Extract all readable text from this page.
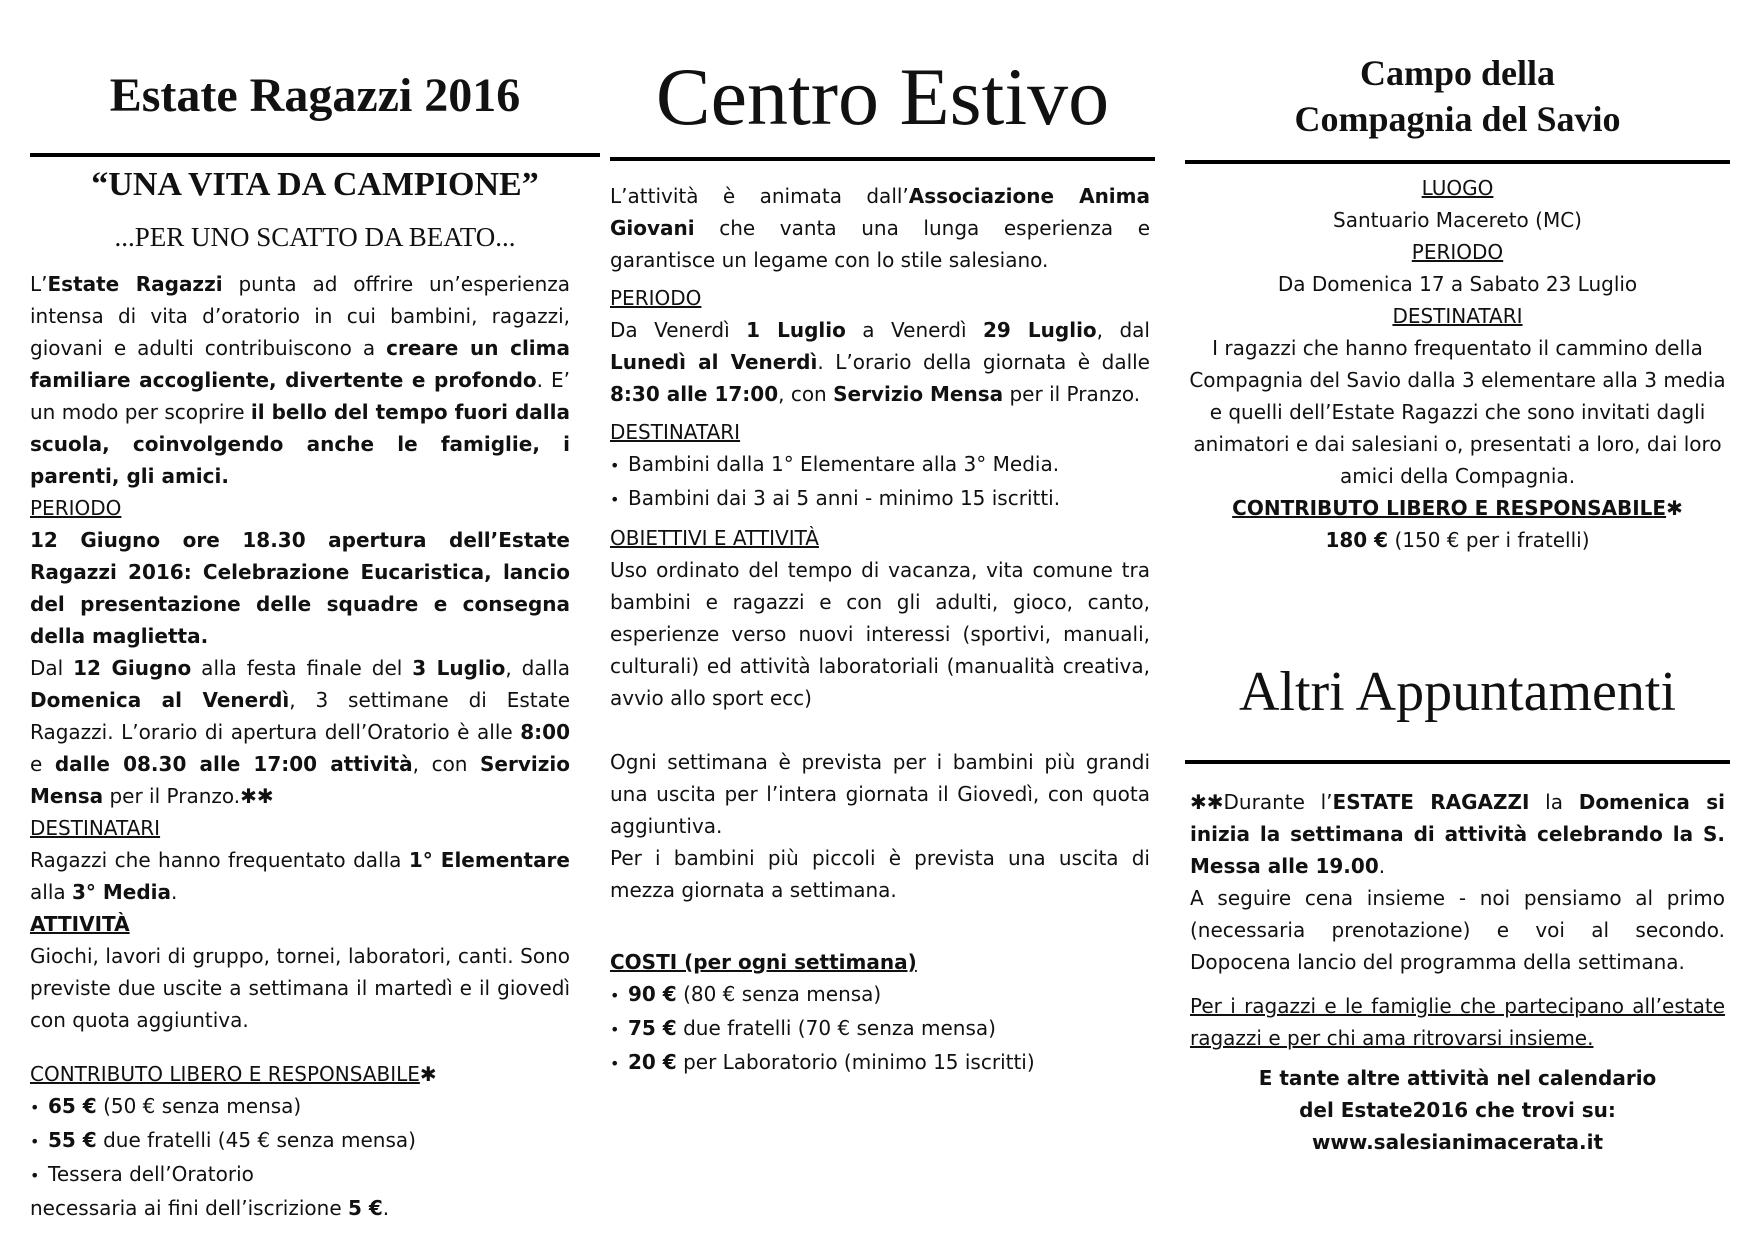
Estate Ragazzi 2016
“UNA VITA DA CAMPIONE”
...PER UNO SCATTO DA BEATO...

L’Estate Ragazzi punta ad offrire un’esperienza intensa di vita d’oratorio in cui bambini, ragazzi, giovani e adulti contribuiscono a creare un clima familiare accogliente, divertente e profondo. E’ un modo per scoprire il bello del tempo fuori dalla scuola, coinvolgendo anche le famiglie, i parenti, gli amici.

PERIODO

12 Giugno ore 18.30 apertura dell’Estate Ragazzi 2016: Celebrazione Eucaristica, lancio del presentazione delle squadre e consegna della maglietta.

Dal 12 Giugno alla festa finale del 3 Luglio, dalla Domenica al Venerdì, 3 settimane di Estate Ragazzi. L’orario di apertura dell’Oratorio è alle 8:00 e dalle 08.30 alle 17:00 attività, con Servizio Mensa per il Pranzo.✱✱

DESTINATARI

Ragazzi che hanno frequentato dalla 1° Elementare alla 3° Media.

ATTIVITÀ

Giochi, lavori di gruppo, tornei, laboratori, canti. Sono previste due uscite a settimana il martedì e il giovedì con quota aggiuntiva.

CONTRIBUTO LIBERO E RESPONSABILE✱

• 65 € (50 € senza mensa)
• 55 € due fratelli (45 € senza mensa)
• Tessera dell’Oratorio

necessaria ai fini dell’iscrizione 5 €.

Centro Estivo

L’attività è animata dall’Associazione Anima Giovani che vanta una lunga esperienza e garantisce un legame con lo stile salesiano.

PERIODO

Da Venerdì 1 Luglio a Venerdì 29 Luglio, dal Lunedì al Venerdì. L’orario della giornata è dalle 8:30 alle 17:00, con Servizio Mensa per il Pranzo.

DESTINATARI

• Bambini dalla 1° Elementare alla 3° Media.
• Bambini dai 3 ai 5 anni - minimo 15 iscritti.

OBIETTIVI E ATTIVITÀ

Uso ordinato del tempo di vacanza, vita comune tra bambini e ragazzi e con gli adulti, gioco, canto, esperienze verso nuovi interessi (sportivi, manuali, culturali) ed attività laboratoriali (manualità creativa, avvio allo sport ecc)

Ogni settimana è prevista per i bambini più grandi una uscita per l’intera giornata il Giovedì, con quota aggiuntiva.

Per i bambini più piccoli è prevista una uscita di mezza giornata a settimana.

COSTI (per ogni settimana)

• 90 € (80 € senza mensa)
• 75 € due fratelli (70 € senza mensa)
• 20 € per Laboratorio (minimo 15 iscritti)
Campo della
Compagnia del Savio

LUOGO

Santuario Macereto (MC)

PERIODO

Da Domenica 17 a Sabato 23 Luglio

DESTINATARI

I ragazzi che hanno frequentato il cammino della Compagnia del Savio dalla 3 elementare alla 3 media e quelli dell’Estate Ragazzi che sono invitati dagli animatori e dai salesiani o, presentati a loro, dai loro amici della Compagnia.

CONTRIBUTO LIBERO E RESPONSABILE✱

180 € (150 € per i fratelli)

Altri Appuntamenti

✱✱Durante l’ESTATE RAGAZZI la Domenica si inizia la settimana di attività celebrando la S. Messa alle 19.00.

A seguire cena insieme - noi pensiamo al primo (necessaria prenotazione) e voi al secondo. Dopocena lancio del programma della settimana.

Per i ragazzi e le famiglie che partecipano all’estate ragazzi e per chi ama ritrovarsi insieme.

E tante altre attività nel calendario

del Estate2016 che trovi su:

www.salesianimacerata.it
